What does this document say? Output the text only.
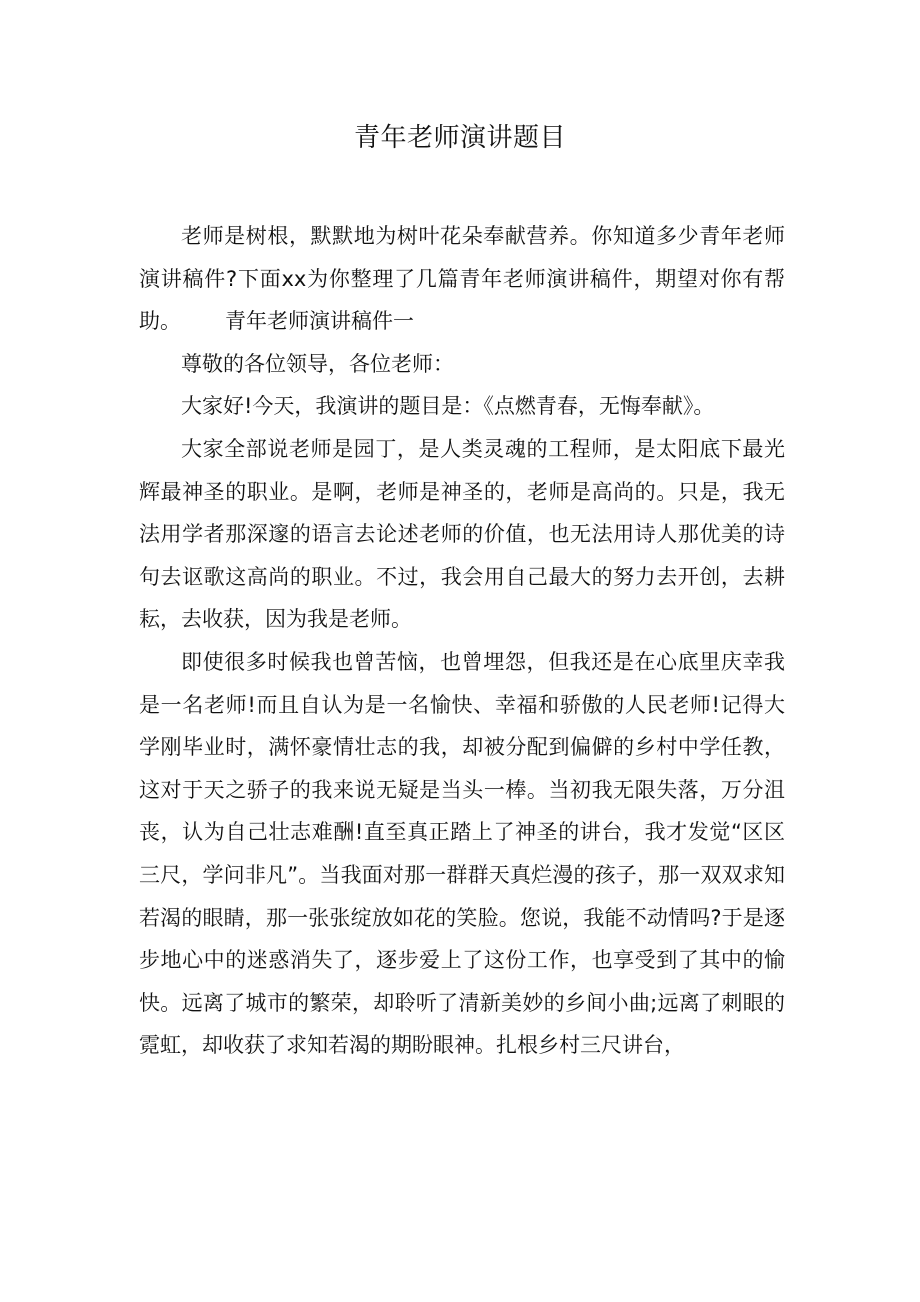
青年老师演讲题目

老师是树根，默默地为树叶花朵奉献营养。你知道多少青年老师演讲稿件?下面xx为你整理了几篇青年老师演讲稿件，期望对你有帮助。 青年老师演讲稿件一

尊敬的各位领导，各位老师：

大家好!今天，我演讲的题目是：《点燃青春，无悔奉献》。

大家全部说老师是园丁，是人类灵魂的工程师，是太阳底下最光辉最神圣的职业。是啊，老师是神圣的，老师是高尚的。只是，我无法用学者那深邃的语言去论述老师的价值，也无法用诗人那优美的诗句去讴歌这高尚的职业。不过，我会用自己最大的努力去开创，去耕耘，去收获，因为我是老师。

即使很多时候我也曾苦恼，也曾埋怨，但我还是在心底里庆幸我是一名老师!而且自认为是一名愉快、幸福和骄傲的人民老师!记得大学刚毕业时，满怀豪情壮志的我，却被分配到偏僻的乡村中学任教，这对于天之骄子的我来说无疑是当头一棒。当初我无限失落，万分沮丧，认为自己壮志难酬!直至真正踏上了神圣的讲台，我才发觉“区区三尺，学问非凡”。当我面对那一群群天真烂漫的孩子，那一双双求知若渴的眼睛，那一张张绽放如花的笑脸。您说，我能不动情吗?于是逐步地心中的迷惑消失了，逐步爱上了这份工作，也享受到了其中的愉快。远离了城市的繁荣，却聆听了清新美妙的乡间小曲;远离了刺眼的霓虹，却收获了求知若渴的期盼眼神。扎根乡村三尺讲台，
